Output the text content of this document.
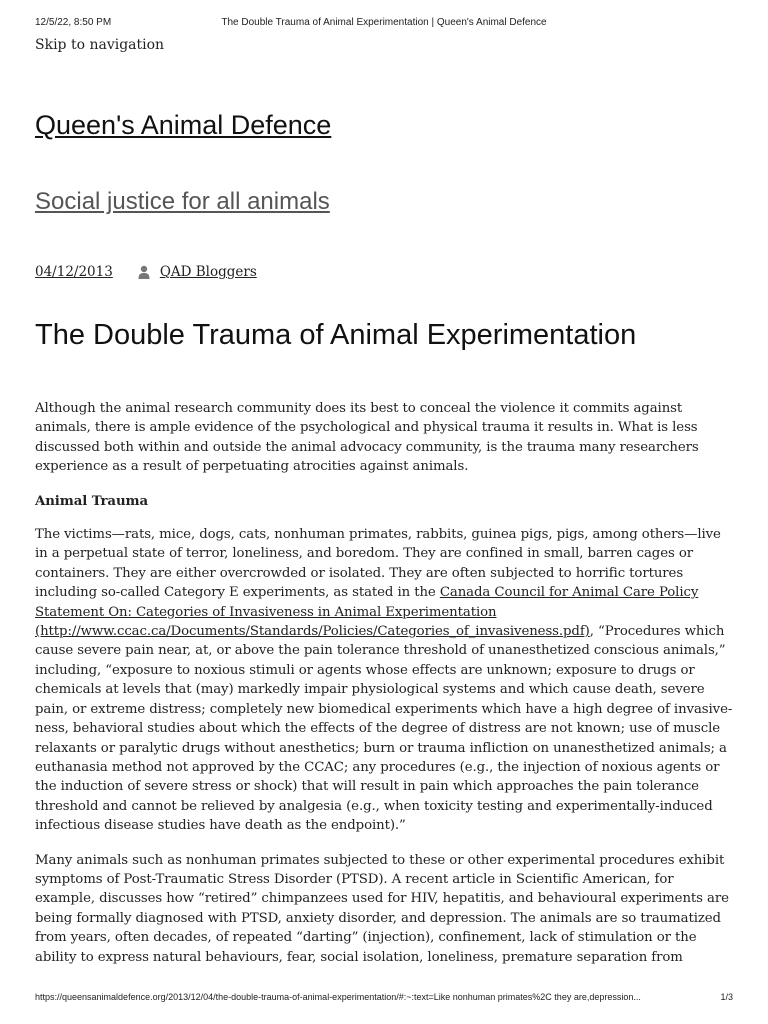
12/5/22, 8:50 PM	The Double Trauma of Animal Experimentation | Queen's Animal Defence
Skip to navigation
Queen's Animal Defence
Social justice for all animals
04/12/2013	QAD Bloggers
The Double Trauma of Animal Experimentation

Although the animal research community does its best to conceal the violence it commits against animals, there is ample evidence of the psychological and physical trauma it results in. What is less discussed both within and outside the animal advocacy community, is the trauma many researchers experience as a result of perpetuating atrocities against animals.

Animal Trauma

The victims—rats, mice, dogs, cats, nonhuman primates, rabbits, guinea pigs, pigs, among others—live in a perpetual state of terror, loneliness, and boredom. They are confined in small, barren cages or containers. They are either overcrowded or isolated. They are often subjected to horrific tortures including so-called Category E experiments, as stated in the Canada Council for Animal Care Policy Statement On: Categories of Invasiveness in Animal Experimentation (http://www.ccac.ca/Documents/Standards/Policies/Categories_of_invasiveness.pdf), “Procedures which cause severe pain near, at, or above the pain tolerance threshold of unanesthetized conscious animals,” including, “exposure to noxious stimuli or agents whose effects are unknown; exposure to drugs or chemicals at levels that (may) markedly impair physiological systems and which cause death, severe pain, or extreme distress; completely new biomedical experiments which have a high degree of invasive-ness, behavioral studies about which the effects of the degree of distress are not known; use of muscle relaxants or paralytic drugs without anesthetics; burn or trauma infliction on unanesthetized animals; a euthanasia method not approved by the CCAC; any procedures (e.g., the injection of noxious agents or the induction of severe stress or shock) that will result in pain which approaches the pain tolerance threshold and cannot be relieved by analgesia (e.g., when toxicity testing and experimentally-induced infectious disease studies have death as the endpoint).”

Many animals such as nonhuman primates subjected to these or other experimental procedures exhibit symptoms of Post-Traumatic Stress Disorder (PTSD). A recent article in Scientific American, for example, discusses how “retired” chimpanzees used for HIV, hepatitis, and behavioural experiments are being formally diagnosed with PTSD, anxiety disorder, and depression. The animals are so traumatized from years, often decades, of repeated “darting” (injection), confinement, lack of stimulation or the ability to express natural behaviours, fear, social isolation, loneliness, premature separation from

https://queensanimaldefence.org/2013/12/04/the-double-trauma-of-animal-experimentation/#:~:text=Like nonhuman primates%2C they are,depression...	1/3
